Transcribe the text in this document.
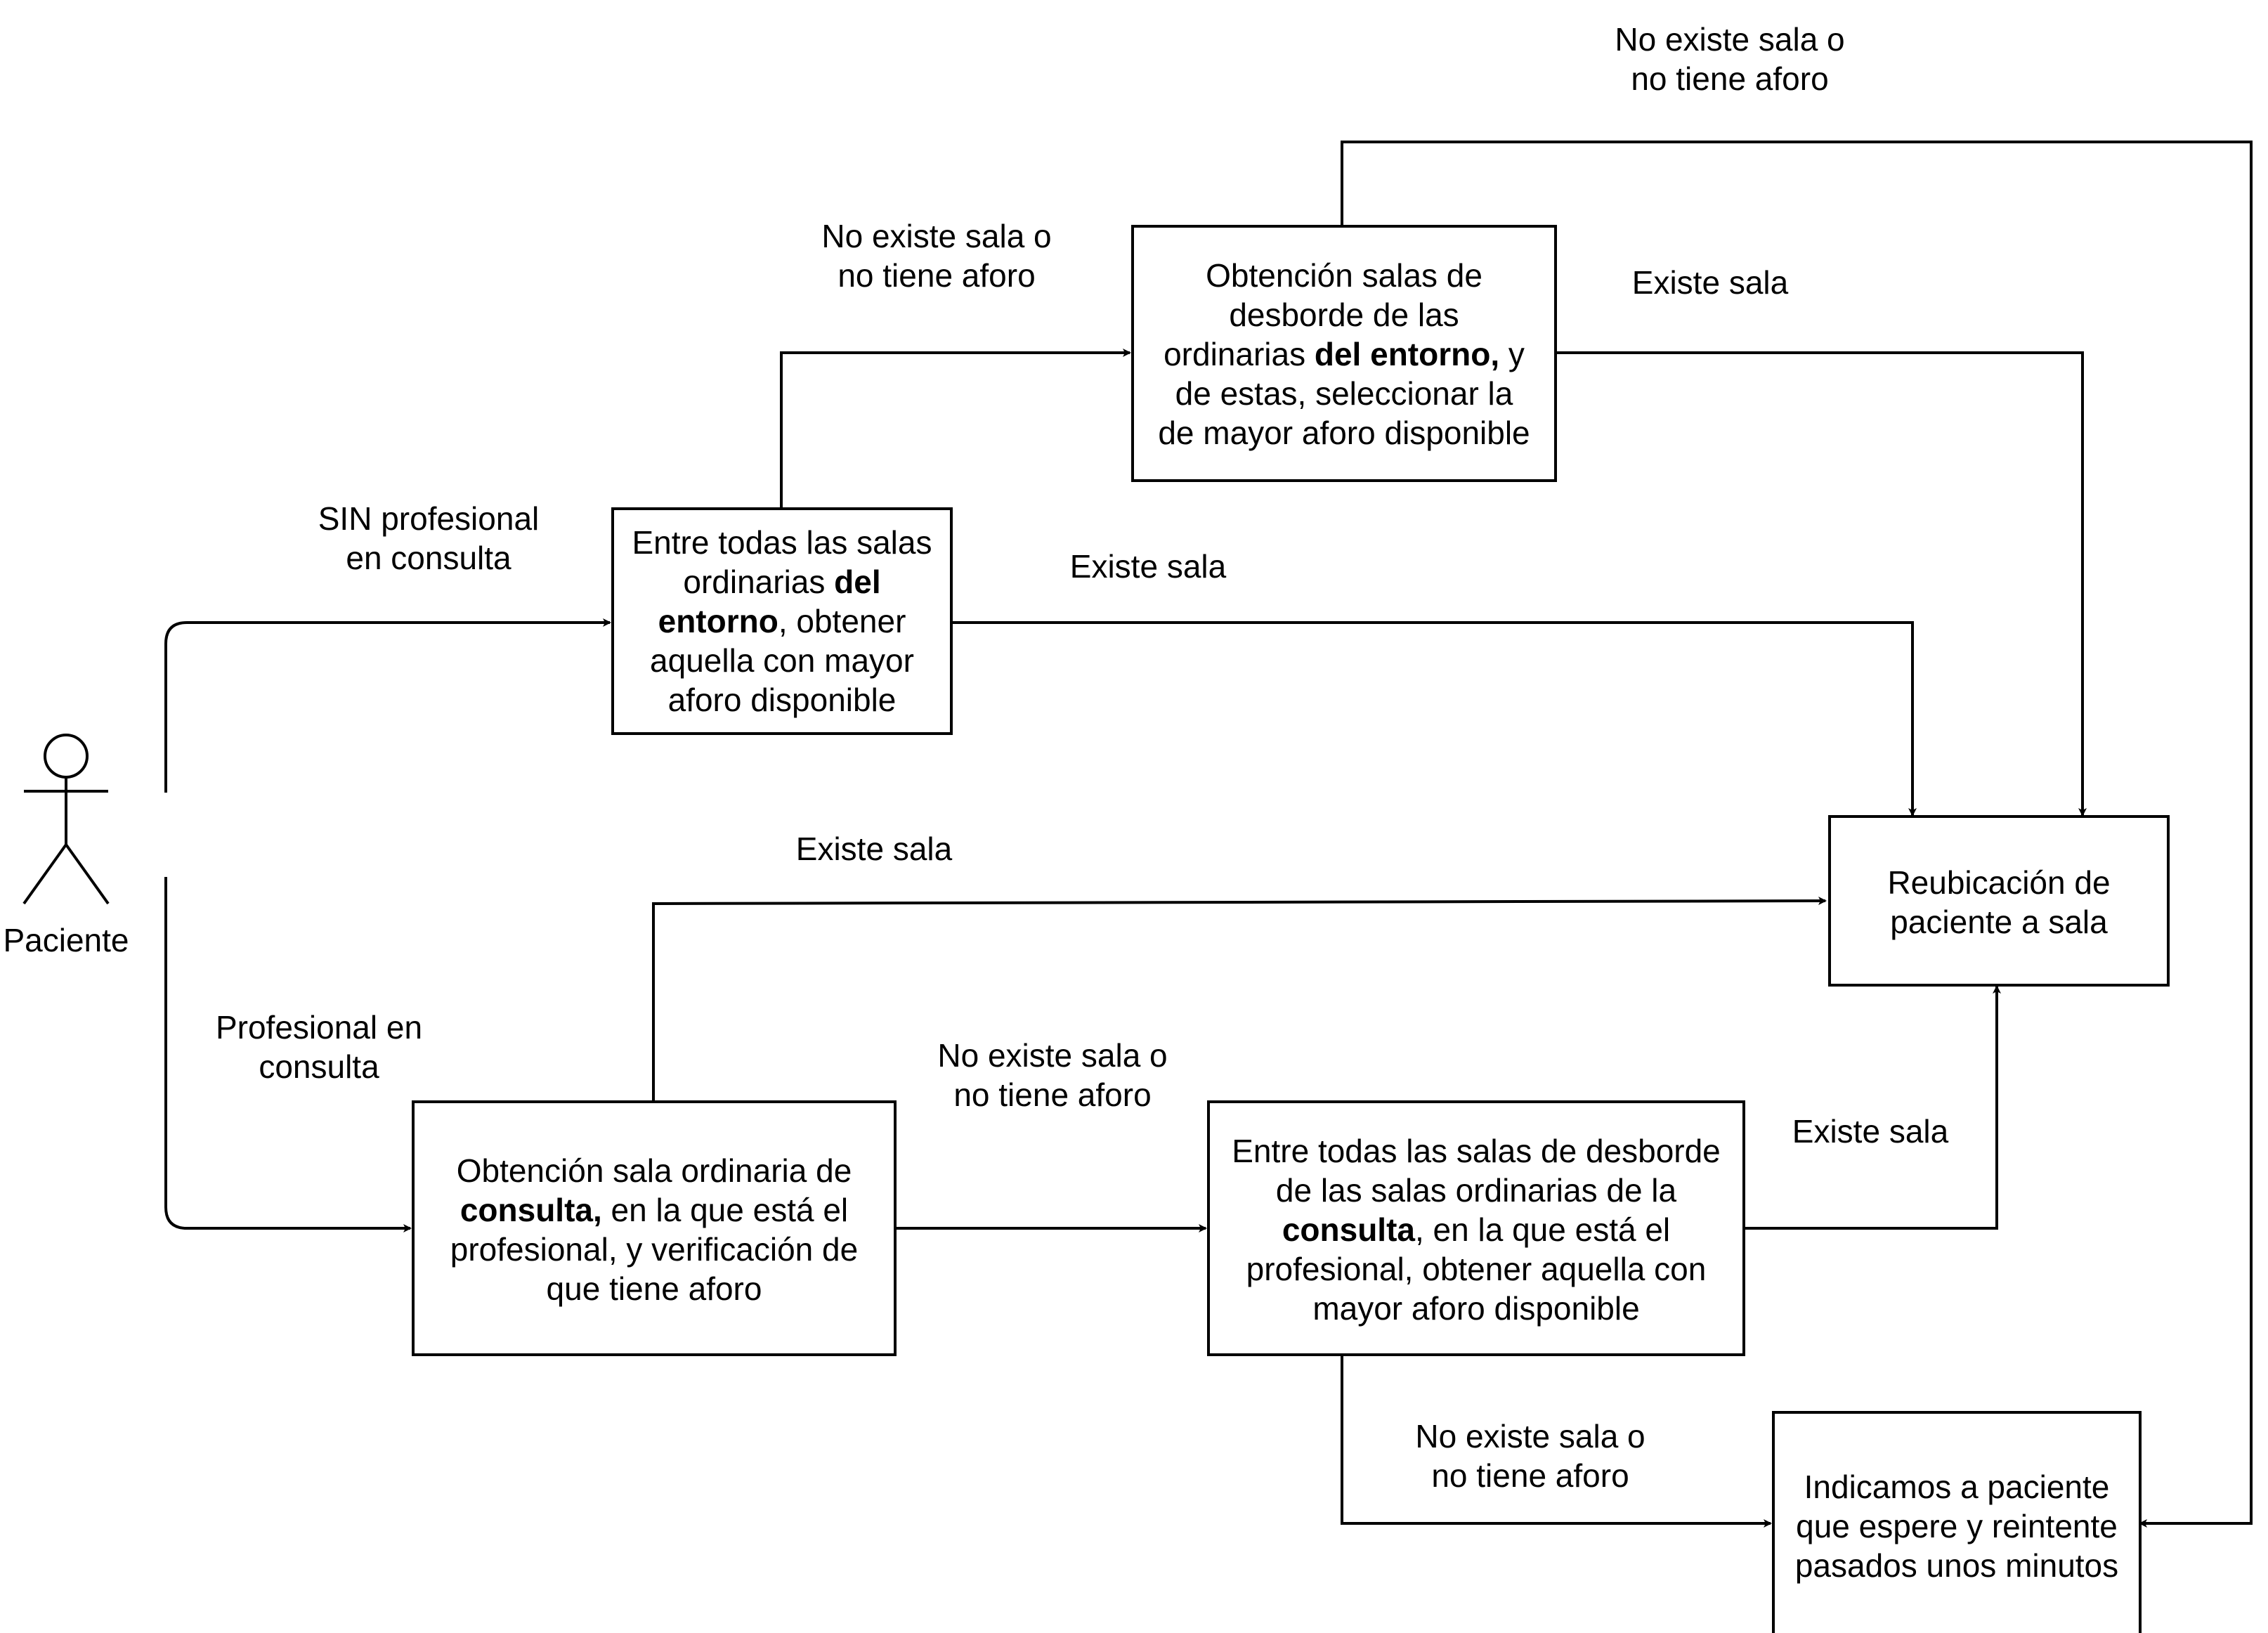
Paciente
Entre todas las salas ordinarias del entorno, obtener aquella con mayor aforo disponible
Obtención salas de desborde de las ordinarias del entorno, y de estas, seleccionar la de mayor aforo disponible
Obtención sala ordinaria de consulta, en la que está el profesional, y verificación de que tiene aforo
Entre todas las salas de desborde de las salas ordinarias de la consulta, en la que está el profesional, obtener aquella con mayor aforo disponible
Reubicación de paciente a sala
Indicamos a paciente que espere y reintente pasados unos minutos
SIN profesional en consulta
Profesional en consulta
No existe sala o no tiene aforo
Existe sala
No existe sala o no tiene aforo
Existe sala
Existe sala
No existe sala o no tiene aforo
Existe sala
No existe sala o no tiene aforo
